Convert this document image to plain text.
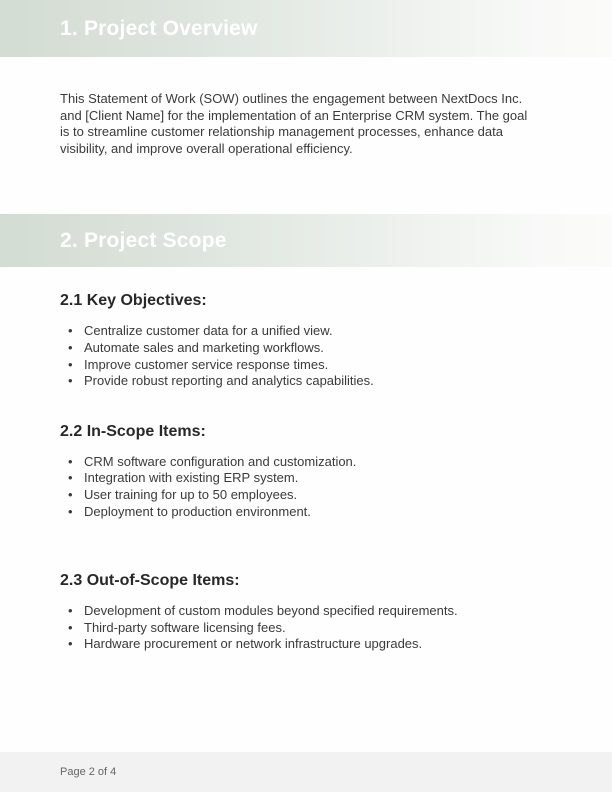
1. Project Overview

This Statement of Work (SOW) outlines the engagement between NextDocs Inc. and [Client Name] for the implementation of an Enterprise CRM system. The goal is to streamline customer relationship management processes, enhance data visibility, and improve overall operational efficiency.

2. Project Scope
2.1 Key Objectives:
• Centralize customer data for a unified view.
• Automate sales and marketing workflows.
• Improve customer service response times.
• Provide robust reporting and analytics capabilities.
2.2 In-Scope Items:
• CRM software configuration and customization.
• Integration with existing ERP system.
• User training for up to 50 employees.
• Deployment to production environment.
2.3 Out-of-Scope Items:
• Development of custom modules beyond specified requirements.
• Third-party software licensing fees.
• Hardware procurement or network infrastructure upgrades.
Page 2 of 4
